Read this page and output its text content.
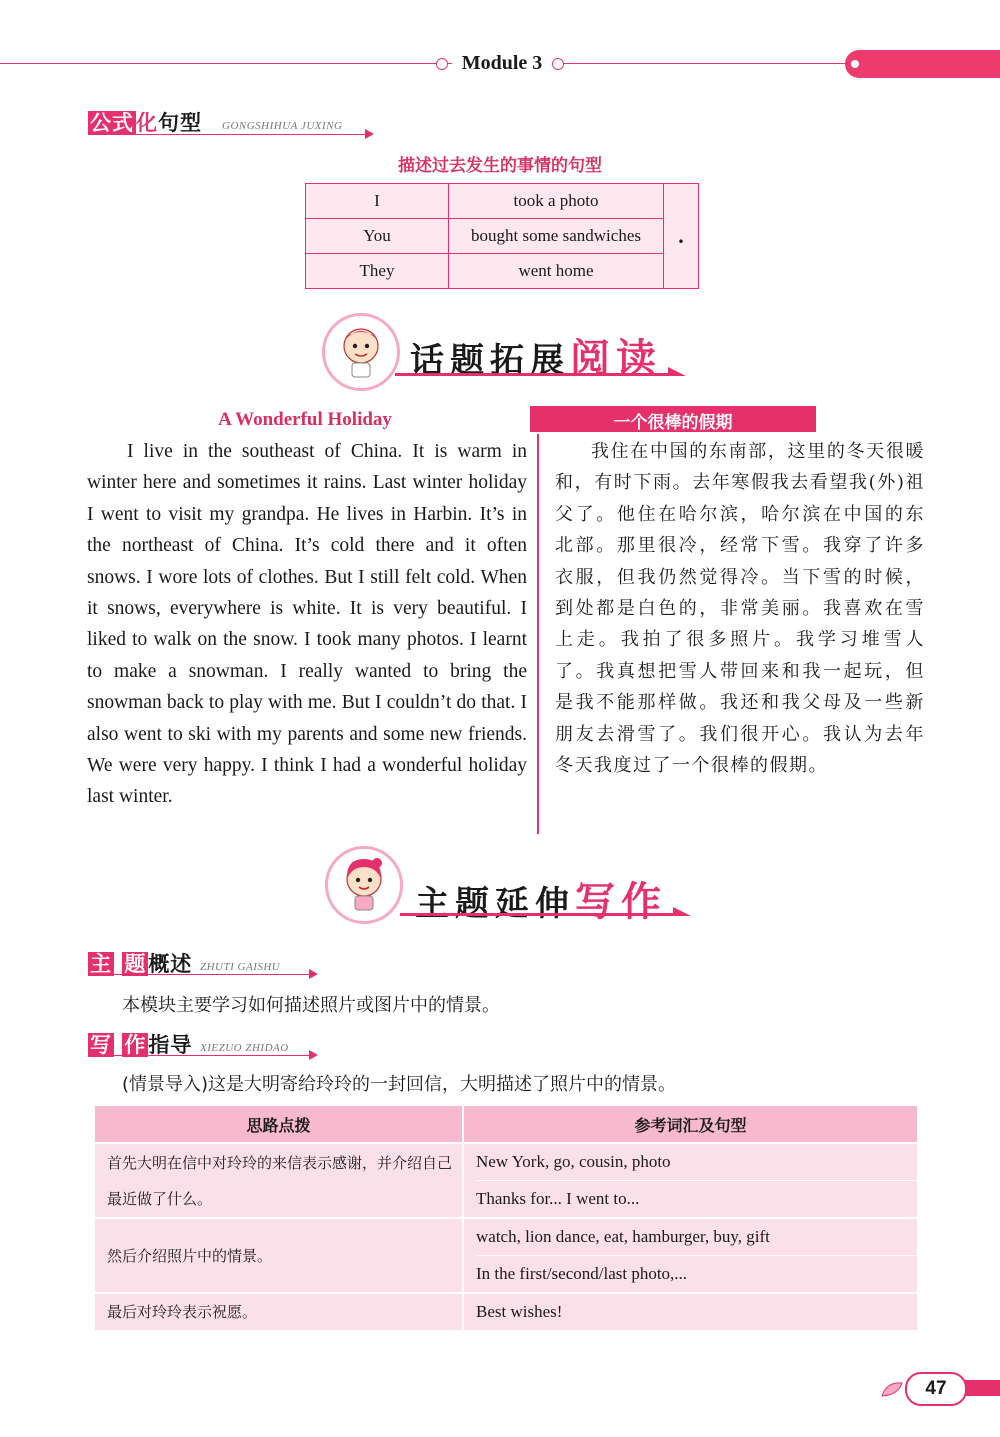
Module 3
公式化句型 GONGSHIHUA JUXING
描述过去发生的事情的句型
I	took a photo	.
You	bought some sandwiches	
They	went home	
话题拓展阅读
A Wonderful Holiday
I live in the southeast of China. It is warm in winter here and sometimes it rains. Last winter holiday I went to visit my grandpa. He lives in Harbin. It’s in the northeast of China. It’s cold there and it often snows. I wore lots of clothes. But I still felt cold. When it snows, everywhere is white. It is very beautiful. I liked to walk on the snow. I took many photos. I learnt to make a snowman. I really wanted to bring the snowman back to play with me. But I couldn’t do that. I also went to ski with my parents and some new friends. We were very happy. I think I had a wonderful holiday last winter.
一个很棒的假期
我住在中国的东南部，这里的冬天很暖和，有时下雨。去年寒假我去看望我(外)祖父了。他住在哈尔滨，哈尔滨在中国的东北部。那里很冷，经常下雪。我穿了许多衣服，但我仍然觉得冷。当下雪的时候，到处都是白色的，非常美丽。我喜欢在雪上走。我拍了很多照片。我学习堆雪人了。我真想把雪人带回来和我一起玩，但是我不能那样做。我还和我父母及一些新朋友去滑雪了。我们很开心。我认为去年冬天我度过了一个很棒的假期。
主题延伸写作
主 题概述 ZHUTI GAISHU
本模块主要学习如何描述照片或图片中的情景。
写 作指导 XIEZUO ZHIDAO
(情景导入)这是大明寄给玲玲的一封回信，大明描述了照片中的情景。
思路点拨	参考词汇及句型
首先大明在信中对玲玲的来信表示感谢，并介绍自己最近做了什么。	New York, go, cousin, photo
Thanks for... I went to...

然后介绍照片中的情景。	watch, lion dance, eat, hamburger, buy, gift
In the first/second/last photo,...

最后对玲玲表示祝愿。	Best wishes!
47
